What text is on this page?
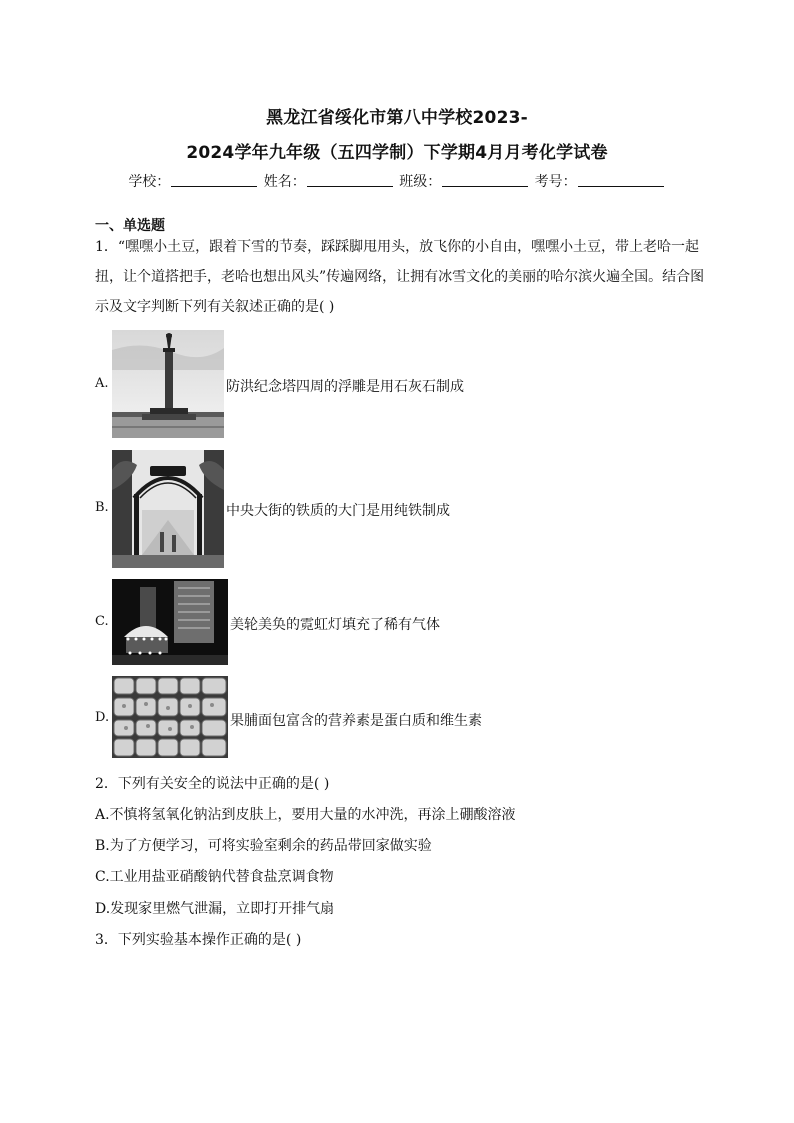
黑龙江省绥化市第八中学校2023-
2024学年九年级（五四学制）下学期4月月考化学试卷
学校：	姓名：	班级：	考号：
一、单选题
1．“嘿嘿小土豆，跟着下雪的节奏，踩踩脚甩用头，放飞你的小自由，嘿嘿小土豆，带上老哈一起扭，让个道搭把手，老哈也想出风头”传遍网络，让拥有冰雪文化的美丽的哈尔滨火遍全国。结合图示及文字判断下列有关叙述正确的是( )
A.	防洪纪念塔四周的浮雕是用石灰石制成
B.	中央大街的铁质的大门是用纯铁制成
C.	美轮美奂的霓虹灯填充了稀有气体
D.	果脯面包富含的营养素是蛋白质和维生素
2．下列有关安全的说法中正确的是( )
A.不慎将氢氧化钠沾到皮肤上，要用大量的水冲洗，再涂上硼酸溶液
B.为了方便学习，可将实验室剩余的药品带回家做实验
C.工业用盐亚硝酸钠代替食盐烹调食物
D.发现家里燃气泄漏，立即打开排气扇
3．下列实验基本操作正确的是( )
